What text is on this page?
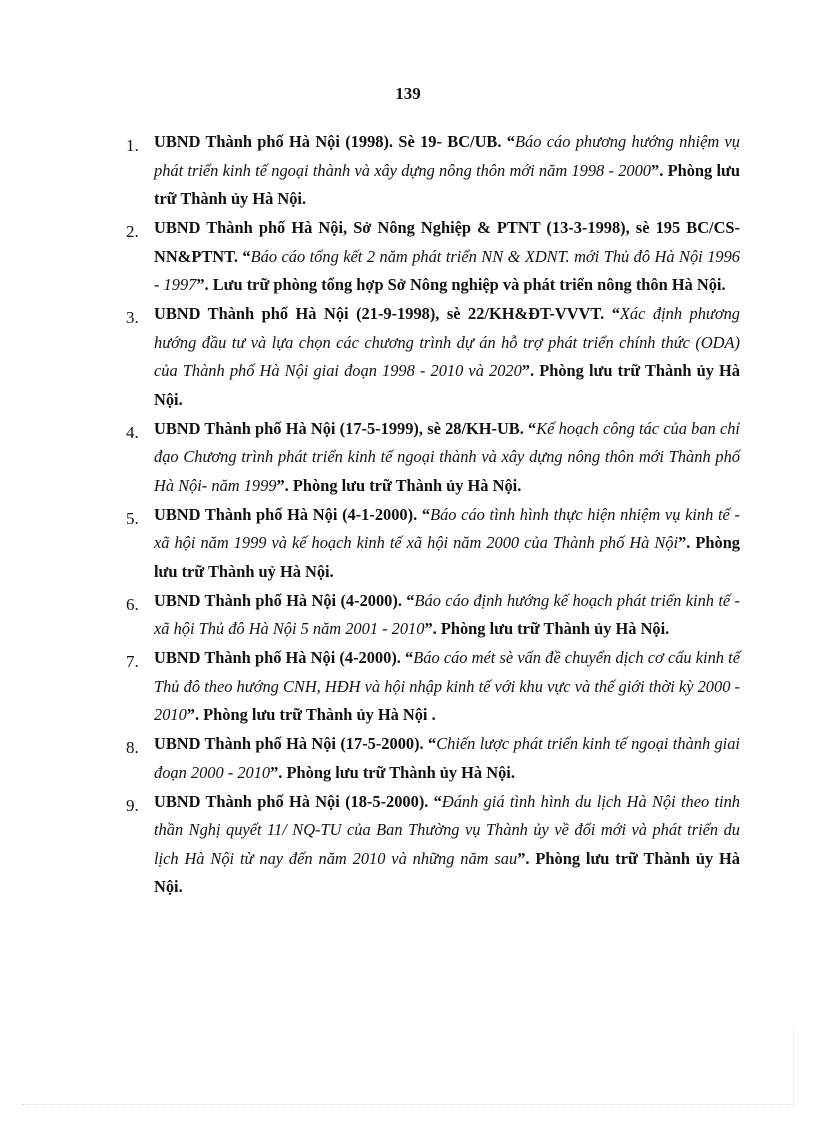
139
1. UBND Thành phố Hà Nội (1998). Sè 19- BC/UB. “Báo cáo phương hướng nhiệm vụ phát triển kinh tế ngoại thành và xây dựng nông thôn mới năm 1998 - 2000”. Phòng lưu trữ Thành ủy Hà Nội.
2. UBND Thành phố Hà Nội, Sở Nông Nghiệp & PTNT (13-3-1998), sè 195 BC/CS-NN&PTNT. “Báo cáo tổng kết 2 năm phát triển NN & XDNT. mới Thủ đô Hà Nội 1996 - 1997”. Lưu trữ phòng tổng hợp Sở Nông nghiệp và phát triển nông thôn Hà Nội.
3. UBND Thành phố Hà Nội (21-9-1998), sè 22/KH&ĐT-VVVT. “Xác định phương hướng đầu tư và lựa chọn các chương trình dự án hỗ trợ phát triển chính thức (ODA) của Thành phố Hà Nội giai đoạn 1998 - 2010 và 2020”. Phòng lưu trữ Thành ủy Hà Nội.
4. UBND Thành phố Hà Nội (17-5-1999), sè 28/KH-UB. “Kế hoạch công tác của ban chỉ đạo Chương trình phát triển kinh tế ngoại thành và xây dựng nông thôn mới Thành phố Hà Nội- năm 1999”. Phòng lưu trữ Thành ủy Hà Nội.
5. UBND Thành phố Hà Nội (4-1-2000). “Báo cáo tình hình thực hiện nhiệm vụ kinh tế - xã hội năm 1999 và kế hoạch kinh tế xã hội năm 2000 của Thành phố Hà Nội”. Phòng lưu trữ Thành uỷ Hà Nội.
6. UBND Thành phố Hà Nội (4-2000). “Báo cáo định hướng kế hoạch phát triển kinh tế - xã hội Thủ đô Hà Nội 5 năm 2001 - 2010”. Phòng lưu trữ Thành ủy Hà Nội.
7. UBND Thành phố Hà Nội (4-2000). “Báo cáo mét sè vấn đề chuyển dịch cơ cấu kinh tế Thủ đô theo hướng CNH, HĐH và hội nhập kinh tế với khu vực và thế giới thời kỳ 2000 - 2010”. Phòng lưu trữ Thành ủy Hà Nội .
8. UBND Thành phố Hà Nội (17-5-2000). “Chiến lược phát triển kinh tế ngoại thành giai đoạn 2000 - 2010”. Phòng lưu trữ Thành ủy Hà Nội.
9. UBND Thành phố Hà Nội (18-5-2000). “Đánh giá tình hình du lịch Hà Nội theo tinh thần Nghị quyết 11/ NQ-TU của Ban Thường vụ Thành ủy về đổi mới và phát triển du lịch Hà Nội từ nay đến năm 2010 và những năm sau”. Phòng lưu trữ Thành ủy Hà Nội.
